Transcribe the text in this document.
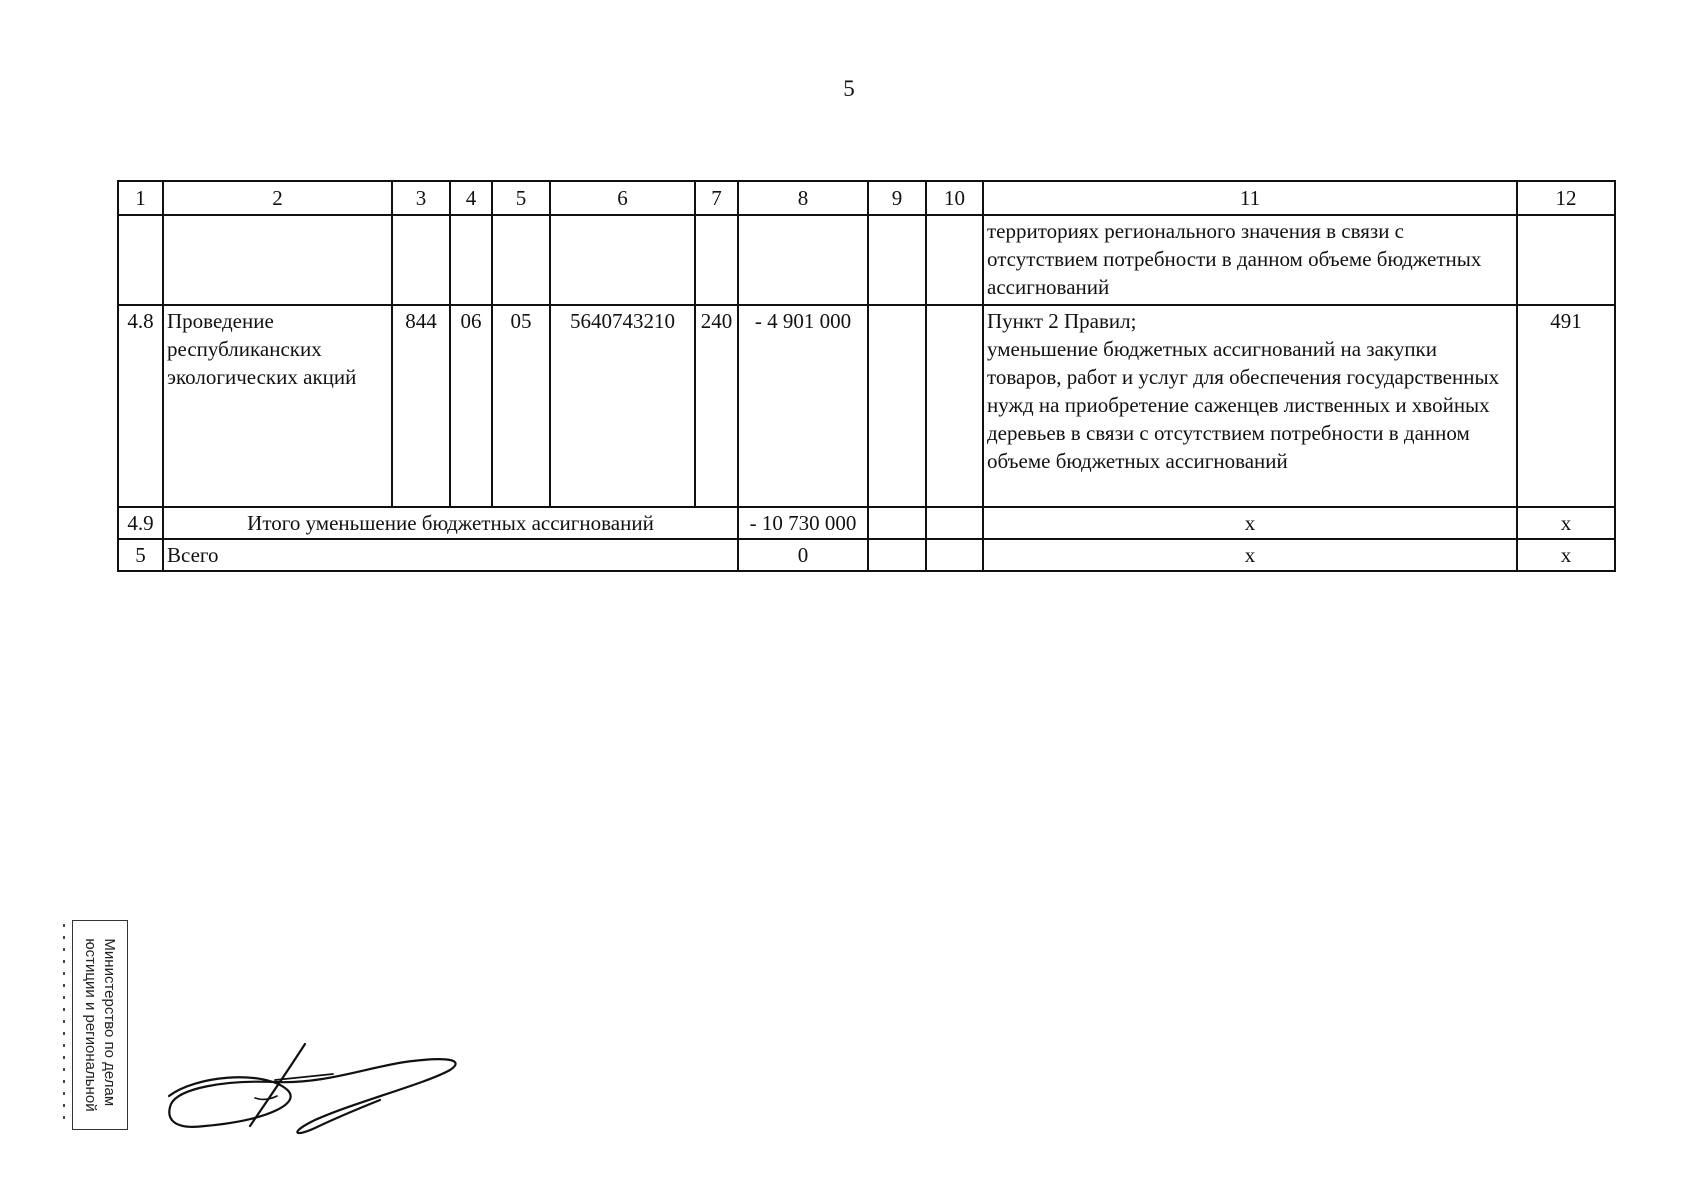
5
1	2	3	4	5	6	7	8	9	10	11	12
										территориях регионального значения в связи с отсутствием потребности в данном объеме бюджетных ассигнований	
4.8	Проведение республиканских экологических акций	844	06	05	5640743210	240	- 4 901 000			Пункт 2 Правил;
уменьшение бюджетных ассигнований на закупки товаров, работ и услуг для обеспечения государственных нужд на приобретение саженцев лиственных и хвойных деревьев в связи с отсутствием потребности в данном объеме бюджетных ассигнований	491
4.9	Итого уменьшение бюджетных ассигнований						- 10 730 000			x	x
5	Всего						0			x	x
Министерство по делам
юстиции и региональной
